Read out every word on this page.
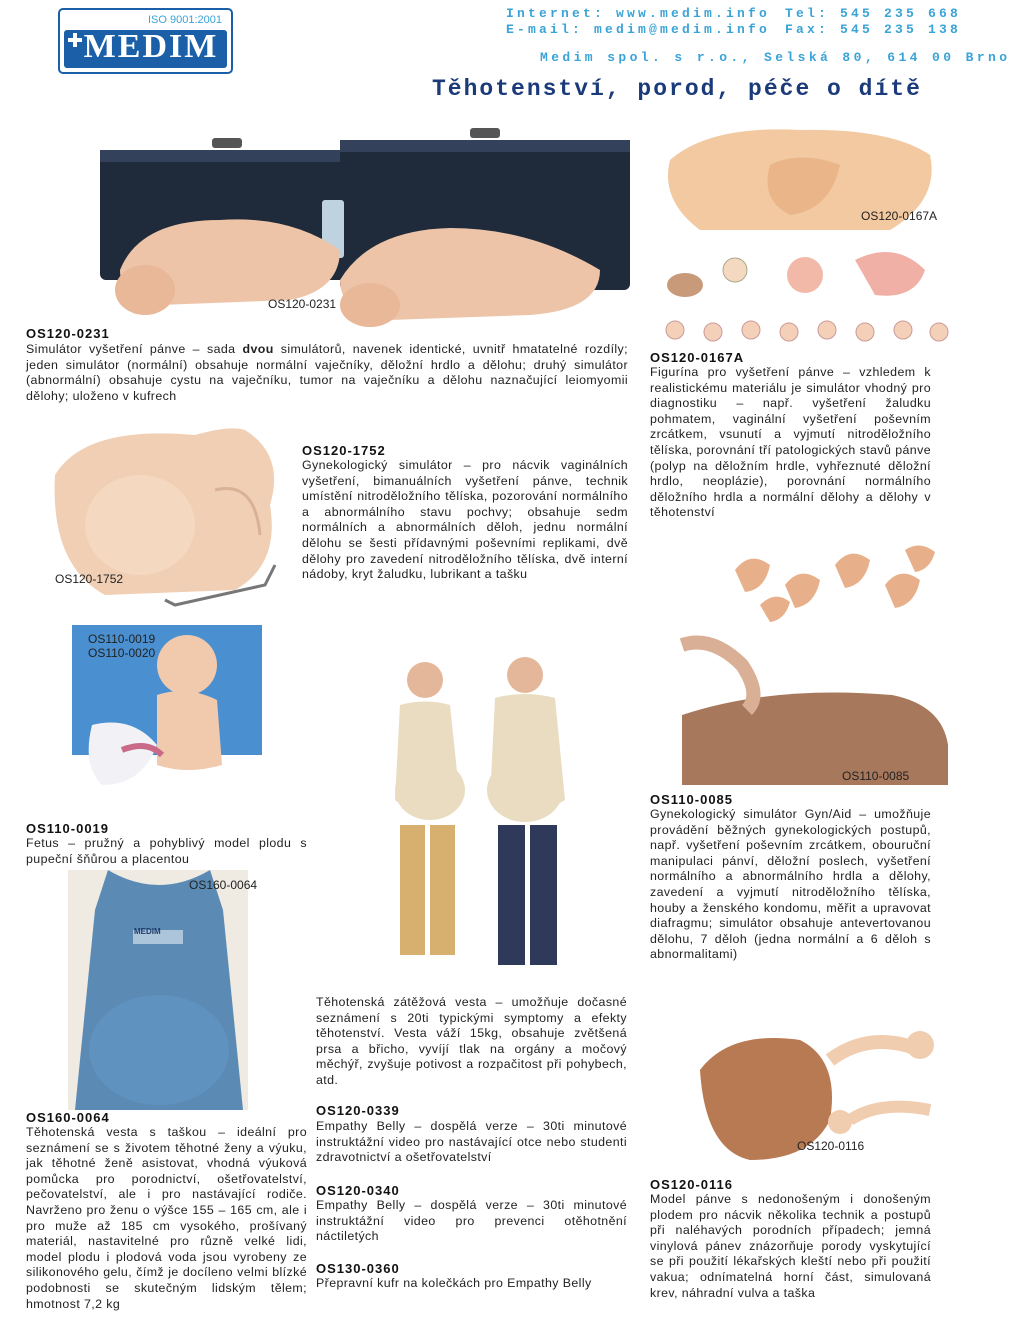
ISO 9001:2001
MEDIM
Internet: www.medim.info Tel: 545 235 668
E-mail: medim@medim.info Fax: 545 235 138
Medim spol. s r.o., Selská 80, 614 00 Brno
Těhotenství, porod, péče o dítě
OS120-0231
OS120-0167A
OS120-0231
Simulátor vyšetření pánve – sada dvou simulátorů, navenek identické, uvnitř hmatatelné rozdíly; jeden simulátor (normální) obsahuje normální vaječníky, děložní hrdlo a dělohu; druhý simulátor (abnormální) obsahuje cystu na vaječníku, tumor na vaječníku a dělohu naznačující leiomyomii dělohy; uloženo v kufrech
OS120-0167A
Figurína pro vyšetření pánve – vzhledem k realistickému materiálu je simulátor vhodný pro diagnostiku – např. vyšetření žaludku pohmatem, vaginální vyšetření poševním zrcátkem, vsunutí a vyjmutí nitroděložního tělíska, porovnání tří patologických stavů pánve (polyp na děložním hrdle, vyhřeznuté děložní hrdlo, neoplázie), porovnání normálního děložního hrdla a normální dělohy a dělohy v těhotenství
OS120-1752
OS120-1752
Gynekologický simulátor – pro nácvik vaginálních vyšetření, bimanuálních vyšetření pánve, technik umístění nitroděložního tělíska, pozorování normálního a abnormálního stavu pochvy; obsahuje sedm normálních a abnormálních děloh, jednu normální dělohu se šesti přídavnými poševními replikami, dvě dělohy pro zavedení nitroděložního tělíska, dvě interní nádoby, kryt žaludku, lubrikant a tašku
OS110-0019
OS110-0020
OS110-0085
OS110-0085
Gynekologický simulátor Gyn/Aid – umožňuje provádění běžných gynekologických postupů, např. vyšetření poševním zrcátkem, obouruční manipulaci pánví, děložní poslech, vyšetření normálního a abnormálního hrdla a dělohy, zavedení a vyjmutí nitroděložního tělíska, houby a ženského kondomu, měřit a upravovat diafragmu; simulátor obsahuje antevertovanou dělohu, 7 děloh (jedna normální a 6 děloh s abnormalitami)
OS110-0019
Fetus – pružný a pohyblivý model plodu s pupeční šňůrou a placentou
MEDIM
OS160-0064
Těhotenská zátěžová vesta – umožňuje dočasné seznámení s 20ti typickými symptomy a efekty těhotenství. Vesta váží 15kg, obsahuje zvětšená prsa a břicho, vyvíjí tlak na orgány a močový měchýř, zvyšuje potivost a rozpačitost při pohybech, atd.
OS120-0116
OS160-0064
Těhotenská vesta s taškou – ideální pro seznámení se s životem těhotné ženy a výuku, jak těhotné ženě asistovat, vhodná výuková pomůcka pro porodnictví, ošetřovatelství, pečovatelství, ale i pro nastávající rodiče. Navrženo pro ženu o výšce 155 – 165 cm, ale i pro muže až 185 cm vysokého, prošívaný materiál, nastavitelné pro různě velké lidi, model plodu i plodová voda jsou vyrobeny ze silikonového gelu, čímž je docíleno velmi blízké podobnosti se skutečným lidským tělem; hmotnost 7,2 kg
OS120-0339
Empathy Belly – dospělá verze – 30ti minutové instruktážní video pro nastávající otce nebo studenti zdravotnictví a ošetřovatelství
OS120-0340
Empathy Belly – dospělá verze – 30ti minutové instruktážní video pro prevenci otěhotnění náctiletých
OS130-0360
Přepravní kufr na kolečkách pro Empathy Belly
OS120-0116
Model pánve s nedonošeným i donošeným plodem pro nácvik několika technik a postupů při naléhavých porodních případech; jemná vinylová pánev znázorňuje porody vyskytující se při použití lékařských kleští nebo při použití vakua; odnímatelná horní část, simulovaná krev, náhradní vulva a taška
